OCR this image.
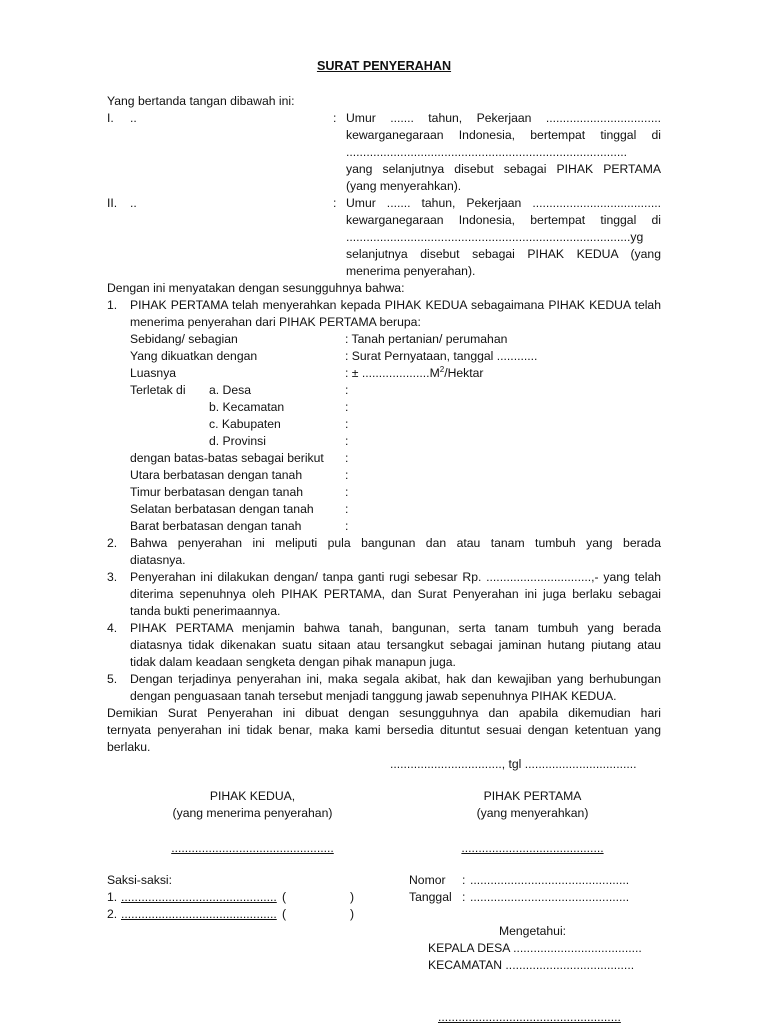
SURAT PENYERAHAN
Yang bertanda tangan dibawah ini:
I. ..	: Umur ....... tahun, Pekerjaan ..................................
kewarganegaraan Indonesia, bertempat tinggal di
...................................................................................
yang selanjutnya disebut sebagai PIHAK PERTAMA
(yang menyerahkan).
II. ..	: Umur ....... tahun, Pekerjaan ......................................
kewarganegaraan Indonesia, bertempat tinggal di
....................................................................................yg
selanjutnya disebut sebagai PIHAK KEDUA (yang
menerima penyerahan).
Dengan ini menyatakan dengan sesungguhnya bahwa:
1. PIHAK PERTAMA telah menyerahkan kepada PIHAK KEDUA sebagaimana PIHAK KEDUA telah
menerima penyerahan dari PIHAK PERTAMA berupa:
Sebidang/ sebagian	: Tanah pertanian/ perumahan
Yang dikuatkan dengan	: Surat Pernyataan, tanggal ............
Luasnya	: ± $....................M^2$/Hektar
Terletak di a. Desa	:
b. Kecamatan	:
c. Kabupaten	:
d. Provinsi	:
dengan batas-batas sebagai berikut :
Utara berbatasan dengan tanah	:
Timur berbatasan dengan tanah	:
Selatan berbatasan dengan tanah	:
Barat berbatasan dengan tanah	:
2. Bahwa penyerahan ini meliputi pula bangunan dan atau tanam tumbuh yang berada
diatasnya.
3. Penyerahan ini dilakukan dengan/ tanpa ganti rugi sebesar Rp. ...............................,- yang telah
diterima sepenuhnya oleh PIHAK PERTAMA, dan Surat Penyerahan ini juga berlaku sebagai
tanda bukti penerimaannya.
4. PIHAK PERTAMA menjamin bahwa tanah, bangunan, serta tanam tumbuh yang berada
diatasnya tidak dikenakan suatu sitaan atau tersangkut sebagai jaminan hutang piutang atau
tidak dalam keadaan sengketa dengan pihak manapun juga.
5. Dengan terjadinya penyerahan ini, maka segala akibat, hak dan kewajiban yang berhubungan
dengan penguasaan tanah tersebut menjadi tanggung jawab sepenuhnya PIHAK KEDUA.
Demikian Surat Penyerahan ini dibuat dengan sesungguhnya dan apabila dikemudian hari
ternyata penyerahan ini tidak benar, maka kami bersedia dituntut sesuai dengan ketentuan yang
berlaku.
................................., tgl .................................
PIHAK KEDUA,
(yang menerima penyerahan)
................................................
PIHAK PERTAMA
(yang menyerahkan)
..........................................
Saksi-saksi:
1. .............................................. (	)
2. .............................................. (	)
Nomor : ...............................................
Tanggal : ...............................................
Mengetahui:
KEPALA DESA ......................................
KECAMATAN ......................................
......................................................
